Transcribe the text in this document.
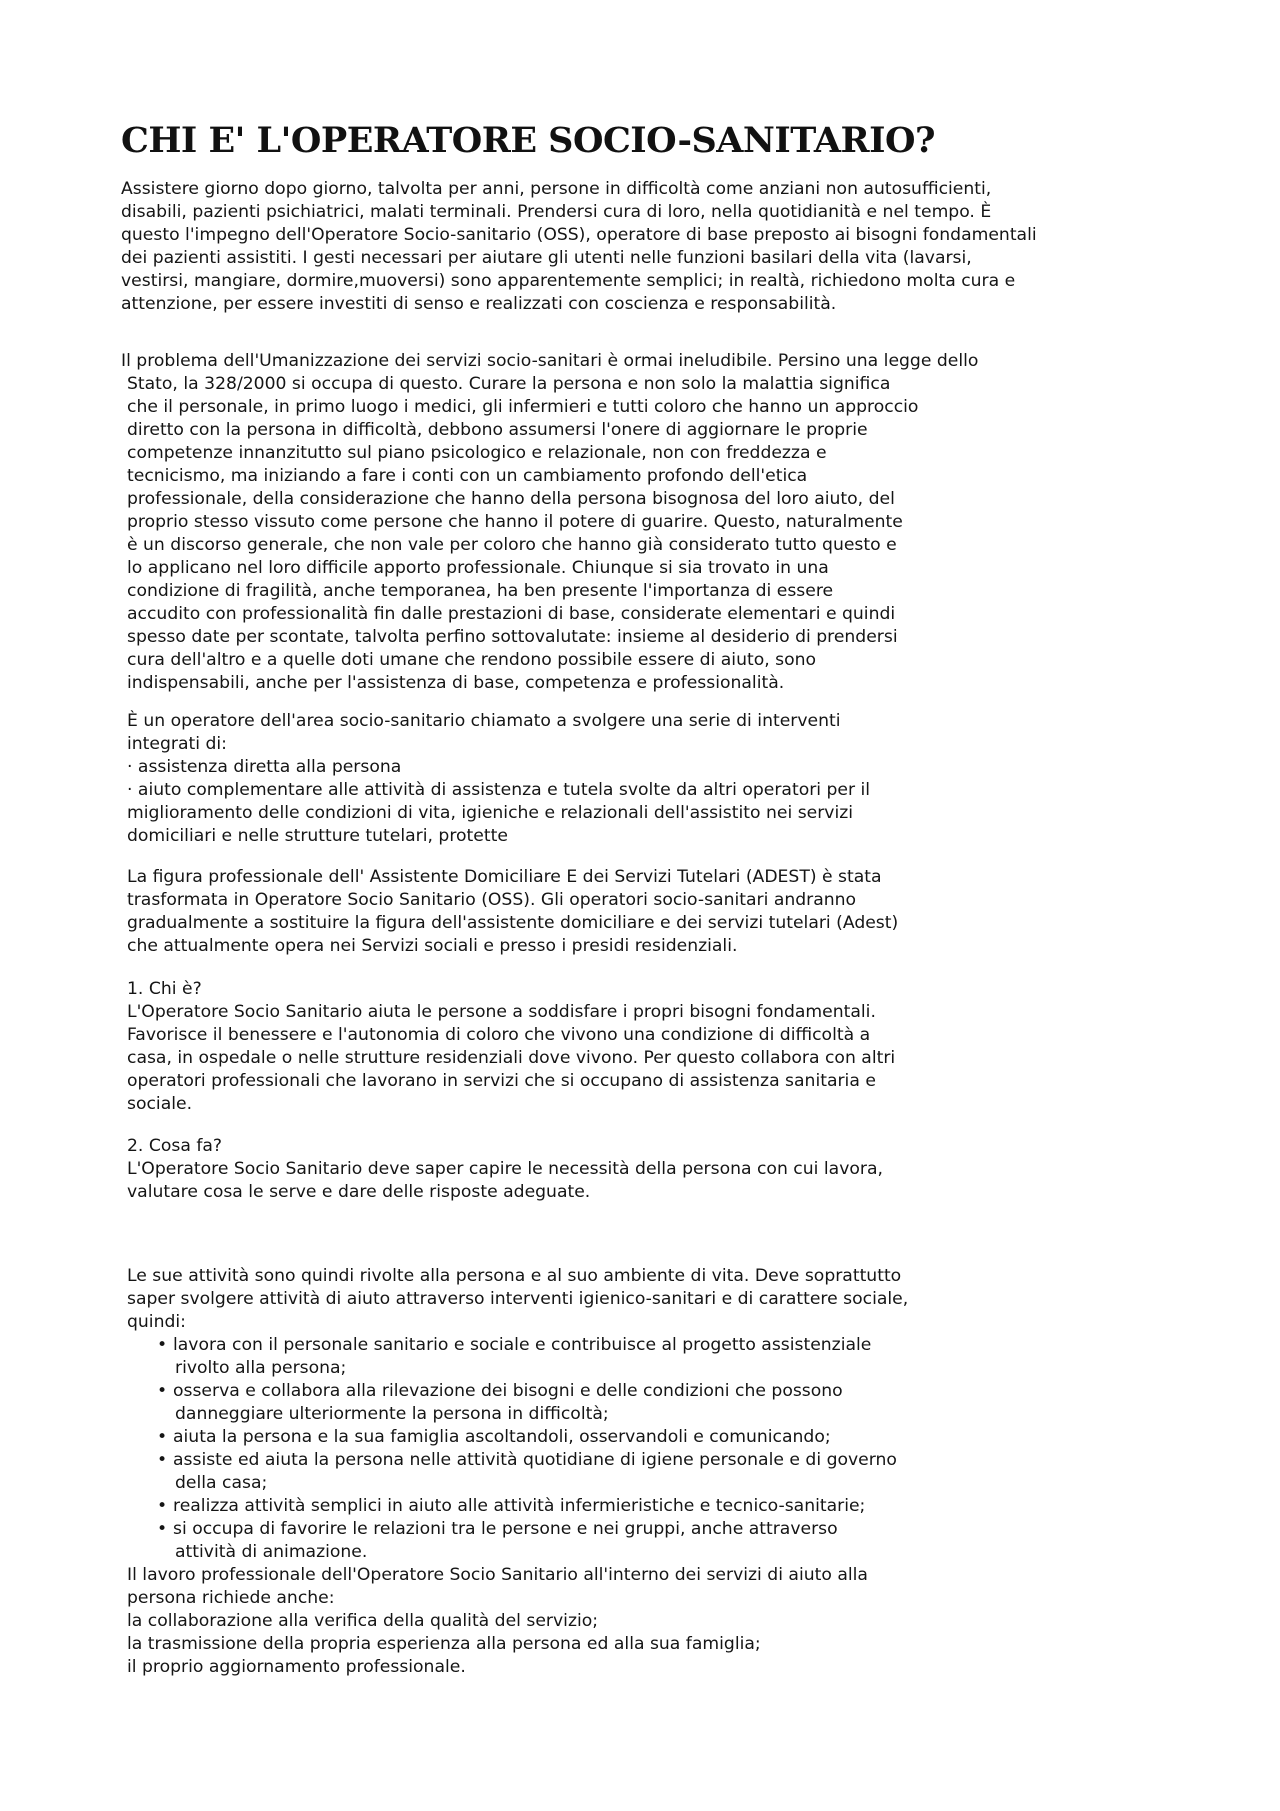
CHI E' L'OPERATORE SOCIO-SANITARIO?
Assistere giorno dopo giorno, talvolta per anni, persone in difficoltà come anziani non autosufficienti,
disabili, pazienti psichiatrici, malati terminali. Prendersi cura di loro, nella quotidianità e nel tempo. È
questo l'impegno dell'Operatore Socio-sanitario (OSS), operatore di base preposto ai bisogni fondamentali
dei pazienti assistiti. I gesti necessari per aiutare gli utenti nelle funzioni basilari della vita (lavarsi,
vestirsi, mangiare, dormire,muoversi) sono apparentemente semplici; in realtà, richiedono molta cura e
attenzione, per essere investiti di senso e realizzati con coscienza e responsabilità.
Il problema dell'Umanizzazione dei servizi socio-sanitari è ormai ineludibile. Persino una legge dello
Stato, la 328/2000 si occupa di questo. Curare la persona e non solo la malattia significa
che il personale, in primo luogo i medici, gli infermieri e tutti coloro che hanno un approccio
diretto con la persona in difficoltà, debbono assumersi l'onere di aggiornare le proprie
competenze innanzitutto sul piano psicologico e relazionale, non con freddezza e
tecnicismo, ma iniziando a fare i conti con un cambiamento profondo dell'etica
professionale, della considerazione che hanno della persona bisognosa del loro aiuto, del
proprio stesso vissuto come persone che hanno il potere di guarire. Questo, naturalmente
è un discorso generale, che non vale per coloro che hanno già considerato tutto questo e
lo applicano nel loro difficile apporto professionale. Chiunque si sia trovato in una
condizione di fragilità, anche temporanea, ha ben presente l'importanza di essere
accudito con professionalità fin dalle prestazioni di base, considerate elementari e quindi
spesso date per scontate, talvolta perfino sottovalutate: insieme al desiderio di prendersi
cura dell'altro e a quelle doti umane che rendono possibile essere di aiuto, sono
indispensabili, anche per l'assistenza di base, competenza e professionalità.
È un operatore dell'area socio-sanitario chiamato a svolgere una serie di interventi
integrati di:
· assistenza diretta alla persona
· aiuto complementare alle attività di assistenza e tutela svolte da altri operatori per il
miglioramento delle condizioni di vita, igieniche e relazionali dell'assistito nei servizi
domiciliari e nelle strutture tutelari, protette
La figura professionale dell' Assistente Domiciliare E dei Servizi Tutelari (ADEST) è stata
trasformata in Operatore Socio Sanitario (OSS). Gli operatori socio-sanitari andranno
gradualmente a sostituire la figura dell'assistente domiciliare e dei servizi tutelari (Adest)
che attualmente opera nei Servizi sociali e presso i presidi residenziali.
1. Chi è?
L'Operatore Socio Sanitario aiuta le persone a soddisfare i propri bisogni fondamentali.
Favorisce il benessere e l'autonomia di coloro che vivono una condizione di difficoltà a
casa, in ospedale o nelle strutture residenziali dove vivono. Per questo collabora con altri
operatori professionali che lavorano in servizi che si occupano di assistenza sanitaria e
sociale.
2. Cosa fa?
L'Operatore Socio Sanitario deve saper capire le necessità della persona con cui lavora,
valutare cosa le serve e dare delle risposte adeguate.
Le sue attività sono quindi rivolte alla persona e al suo ambiente di vita. Deve soprattutto
saper svolgere attività di aiuto attraverso interventi igienico-sanitari e di carattere sociale,
quindi:
• lavora con il personale sanitario e sociale e contribuisce al progetto assistenziale
rivolto alla persona;
• osserva e collabora alla rilevazione dei bisogni e delle condizioni che possono
danneggiare ulteriormente la persona in difficoltà;
• aiuta la persona e la sua famiglia ascoltandoli, osservandoli e comunicando;
• assiste ed aiuta la persona nelle attività quotidiane di igiene personale e di governo
della casa;
• realizza attività semplici in aiuto alle attività infermieristiche e tecnico-sanitarie;
• si occupa di favorire le relazioni tra le persone e nei gruppi, anche attraverso
attività di animazione.
Il lavoro professionale dell'Operatore Socio Sanitario all'interno dei servizi di aiuto alla
persona richiede anche:
la collaborazione alla verifica della qualità del servizio;
la trasmissione della propria esperienza alla persona ed alla sua famiglia;
il proprio aggiornamento professionale.
